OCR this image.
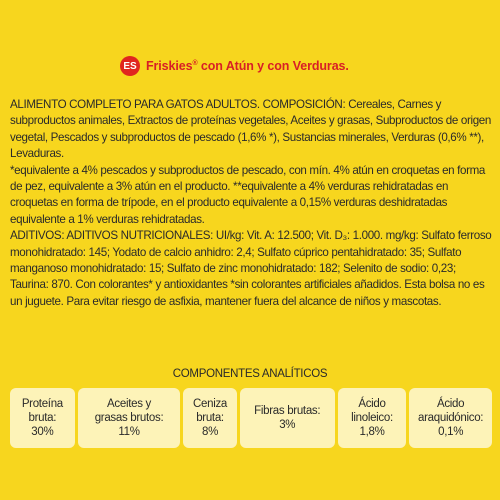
ES Friskies® con Atún y con Verduras.

ALIMENTO COMPLETO PARA GATOS ADULTOS. COMPOSICIÓN: Cereales, Carnes y subproductos animales, Extractos de proteínas vegetales, Aceites y grasas, Subproductos de origen vegetal, Pescados y subproductos de pescado (1,6% *), Sustancias minerales, Verduras (0,6% **), Levaduras.

*equivalente a 4% pescados y subproductos de pescado, con mín. 4% atún en croquetas en forma de pez, equivalente a 3% atún en el producto. **equivalente a 4% verduras rehidratadas en croquetas en forma de trípode, en el producto equivalente a 0,15% verduras deshidratadas equivalente a 1% verduras rehidratadas.

ADITIVOS: ADITIVOS NUTRICIONALES: UI/kg: Vit. A: 12.500; Vit. D₃: 1.000. mg/kg: Sulfato ferroso monohidratado: 145; Yodato de calcio anhidro: 2,4; Sulfato cúprico pentahidratado: 35; Sulfato manganoso monohidratado: 15; Sulfato de zinc monohidratado: 182; Selenito de sodio: 0,23; Taurina: 870. Con colorantes* y antioxidantes *sin colorantes artificiales añadidos. Esta bolsa no es un juguete. Para evitar riesgo de asfixia, mantener fuera del alcance de niños y mascotas.

COMPONENTES ANALÍTICOS
Proteína
bruta:
30%
Aceites y
grasas brutos:
11%
Ceniza
bruta:
8%
Fibras brutas:
3%
Ácido
linoleico:
1,8%
Ácido
araquidónico:
0,1%
